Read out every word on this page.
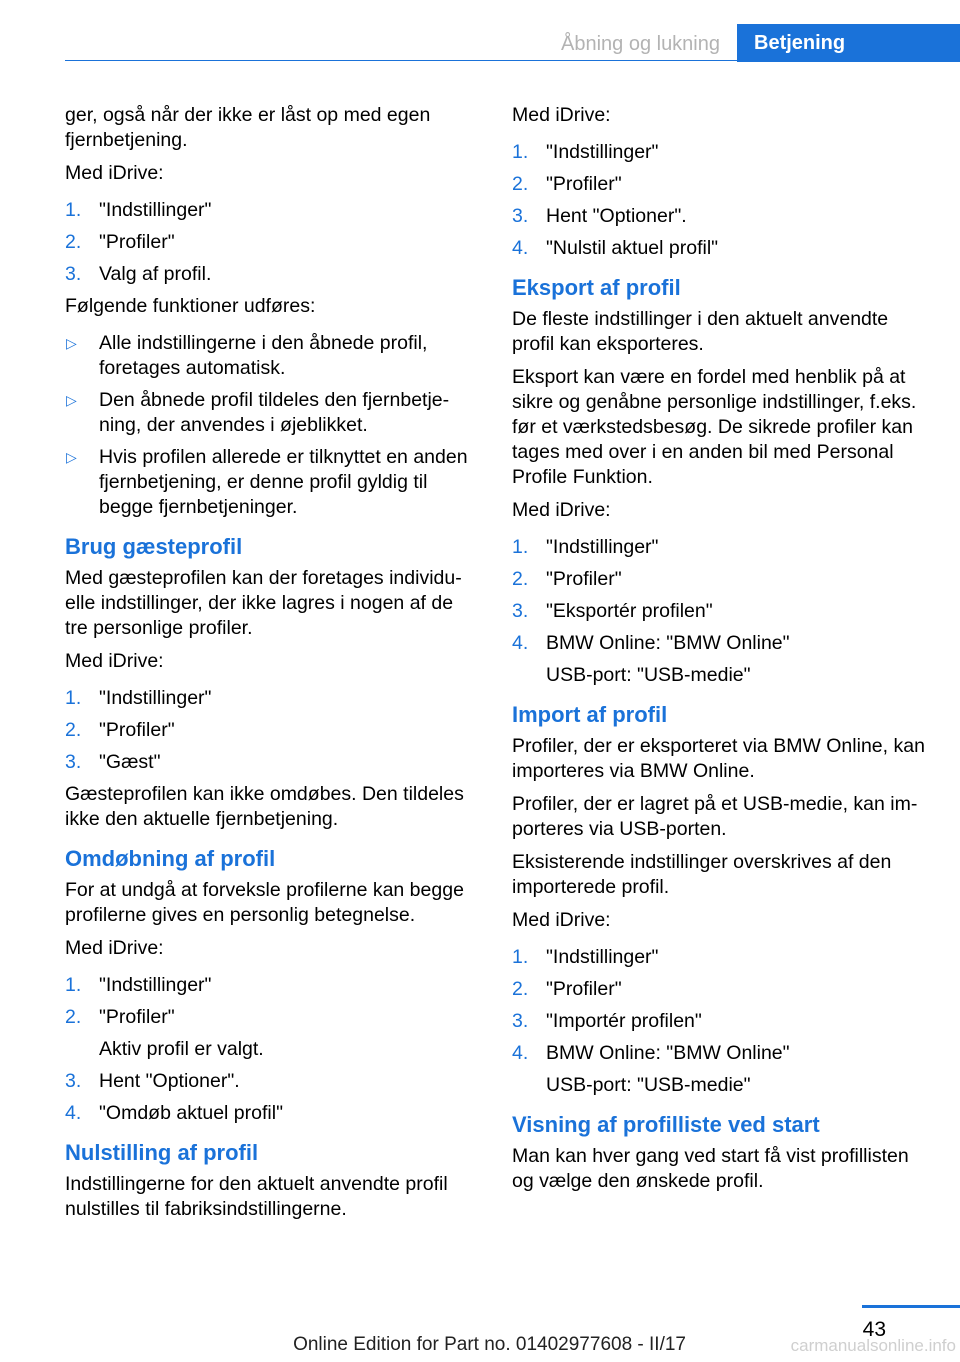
Åbning og lukning	Betjening

ger, også når der ikke er låst op med egen fjernbetjening.

Med iDrive:

1. "Indstillinger"
2. "Profiler"
3. Valg af profil.

Følgende funktioner udføres:

▷ Alle indstillingerne i den åbnede profil, foretages automatisk.
▷ Den åbnede profil tildeles den fjernbetje‐ning, der anvendes i øjeblikket.
▷ Hvis profilen allerede er tilknyttet en anden fjernbetjening, er denne profil gyldig til begge fjernbetjeninger.
Brug gæsteprofil

Med gæsteprofilen kan der foretages individu‐elle indstillinger, der ikke lagres i nogen af de tre personlige profiler.

Med iDrive:

1. "Indstillinger"
2. "Profiler"
3. "Gæst"

Gæsteprofilen kan ikke omdøbes. Den tildeles ikke den aktuelle fjernbetjening.

Omdøbning af profil

For at undgå at forveksle profilerne kan begge profilerne gives en personlig betegnelse.

Med iDrive:

1. "Indstillinger"
2. "Profiler"
Aktiv profil er valgt.
3. Hent "Optioner".
4. "Omdøb aktuel profil"
Nulstilling af profil

Indstillingerne for den aktuelt anvendte profil nulstilles til fabriksindstillingerne.

Med iDrive:

1. "Indstillinger"
2. "Profiler"
3. Hent "Optioner".
4. "Nulstil aktuel profil"
Eksport af profil

De fleste indstillinger i den aktuelt anvendte profil kan eksporteres.

Eksport kan være en fordel med henblik på at sikre og genåbne personlige indstillinger, f.eks. før et værkstedsbesøg. De sikrede profiler kan tages med over i en anden bil med Personal Profile Funktion.

Med iDrive:

1. "Indstillinger"
2. "Profiler"
3. "Eksportér profilen"
4. BMW Online: "BMW Online"
USB-port: "USB-medie"
Import af profil

Profiler, der er eksporteret via BMW Online, kan importeres via BMW Online.

Profiler, der er lagret på et USB-medie, kan im‐porteres via USB-porten.

Eksisterende indstillinger overskrives af den importerede profil.

Med iDrive:

1. "Indstillinger"
2. "Profiler"
3. "Importér profilen"
4. BMW Online: "BMW Online"
USB-port: "USB-medie"
Visning af profilliste ved start

Man kan hver gang ved start få vist profillisten og vælge den ønskede profil.

43
Online Edition for Part no. 01402977608 - II/17	carmanualsonline.info
